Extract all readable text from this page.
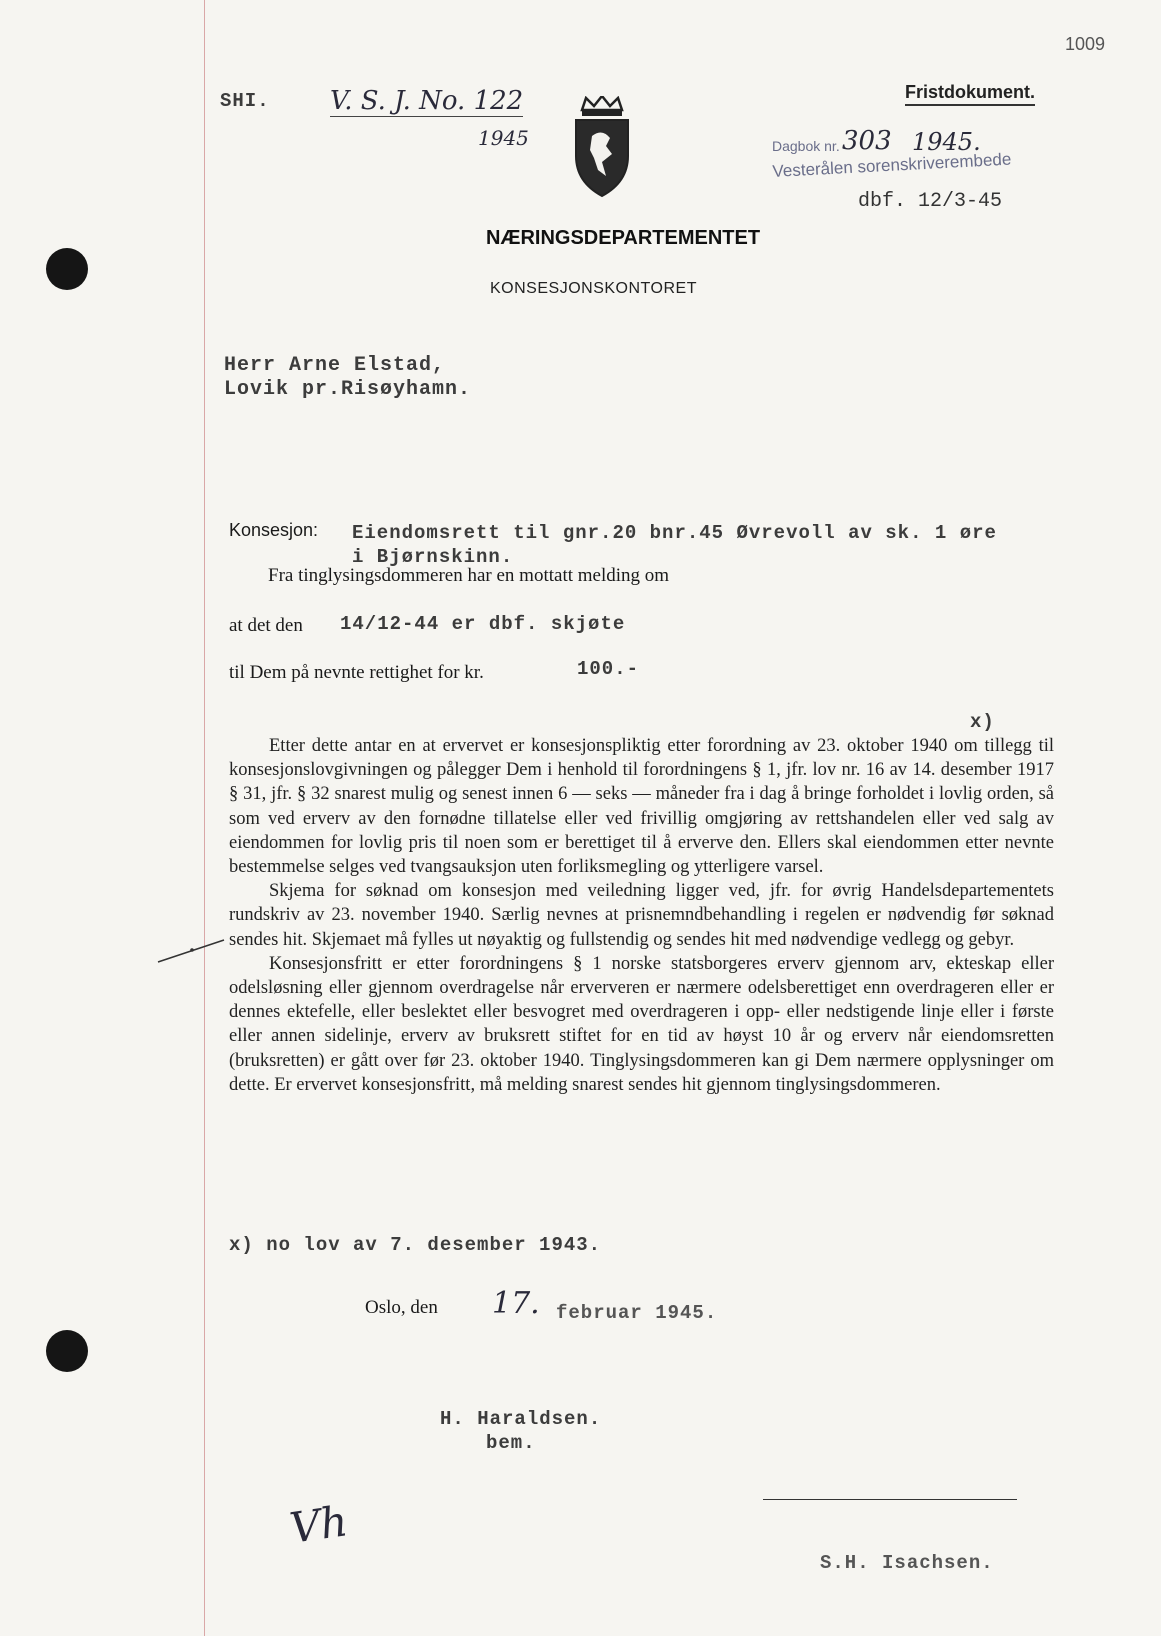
1009
Fristdokument.
SHI. V. S. J. No. 122
1945	Dagbok nr. 303 1945.
Vesterålen sorenskriverembede
dbf. 12/3-45
NÆRINGSDEPARTEMENTET
KONSESJONSKONTORET
Herr Arne Elstad,
Lovik pr.Risøyhamn.
Konsesjon: Eiendomsrett til gnr.20 bnr.45 Øvrevoll av sk. 1 øre
i Bjørnskinn.
Fra tinglysingsdommeren har en mottatt melding om
at det den 14/12-44 er dbf. skjøte
til Dem på nevnte rettighet for kr.	100.-
x)

Etter dette antar en at ervervet er konsesjonspliktig etter forordning av 23. oktober 1940 om tillegg til konsesjonslovgivningen og pålegger Dem i henhold til forordningens § 1, jfr. lov nr. 16 av 14. desember 1917 § 31, jfr. § 32 snarest mulig og senest innen 6 — seks — måneder fra i dag å bringe forholdet i lovlig orden, så som ved erverv av den fornødne tillatelse eller ved frivillig omgjøring av rettshandelen eller ved salg av eiendommen for lovlig pris til noen som er berettiget til å erverve den. Ellers skal eiendommen etter nevnte bestemmelse selges ved tvangsauksjon uten forliksmegling og ytterligere varsel.

Skjema for søknad om konsesjon med veiledning ligger ved, jfr. for øvrig Handelsdepartementets rundskriv av 23. november 1940. Særlig nevnes at prisnemndbehandling i regelen er nødvendig før søknad sendes hit. Skjemaet må fylles ut nøyaktig og fullstendig og sendes hit med nødvendige vedlegg og gebyr.

Konsesjonsfritt er etter forordningens § 1 norske statsborgeres erverv gjennom arv, ekteskap eller odelsløsning eller gjennom overdragelse når erververen er nærmere odelsberettiget enn overdrageren eller er dennes ektefelle, eller beslektet eller besvogret med overdrageren i opp- eller nedstigende linje eller i første eller annen sidelinje, erverv av bruksrett stiftet for en tid av høyst 10 år og erverv når eiendomsretten (bruksretten) er gått over før 23. oktober 1940. Tinglysingsdommeren kan gi Dem nærmere opplysninger om dette. Er ervervet konsesjonsfritt, må melding snarest sendes hit gjennom tinglysingsdommeren.

x) no lov av 7. desember 1943.
Oslo, den 17. februar 1945.
H. Haraldsen.
bem.
Vh
S.H. Isachsen.
